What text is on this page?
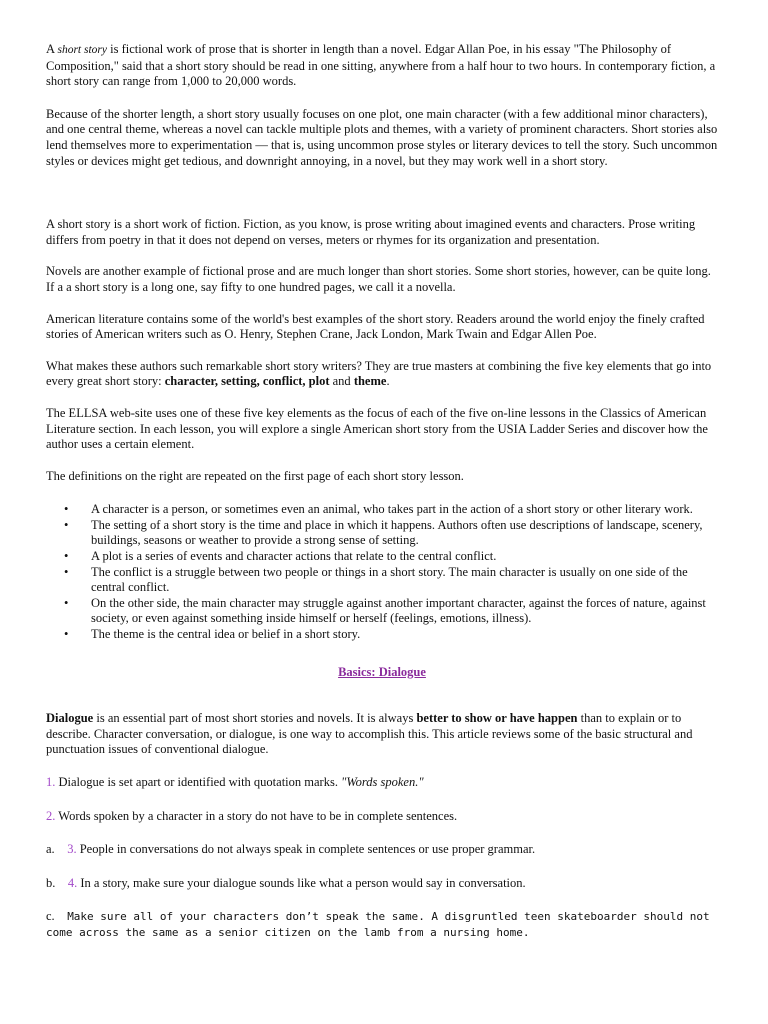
A short story is fictional work of prose that is shorter in length than a novel. Edgar Allan Poe, in his essay "The Philosophy of Composition," said that a short story should be read in one sitting, anywhere from a half hour to two hours. In contemporary fiction, a short story can range from 1,000 to 20,000 words.

Because of the shorter length, a short story usually focuses on one plot, one main character (with a few additional minor characters), and one central theme, whereas a novel can tackle multiple plots and themes, with a variety of prominent characters. Short stories also lend themselves more to experimentation — that is, using uncommon prose styles or literary devices to tell the story. Such uncommon styles or devices might get tedious, and downright annoying, in a novel, but they may work well in a short story.

A short story is a short work of fiction. Fiction, as you know, is prose writing about imagined events and characters. Prose writing differs from poetry in that it does not depend on verses, meters or rhymes for its organization and presentation.

Novels are another example of fictional prose and are much longer than short stories. Some short stories, however, can be quite long. If a a short story is a long one, say fifty to one hundred pages, we call it a novella.

American literature contains some of the world's best examples of the short story. Readers around the world enjoy the finely crafted stories of American writers such as O. Henry, Stephen Crane, Jack London, Mark Twain and Edgar Allen Poe.

What makes these authors such remarkable short story writers? They are true masters at combining the five key elements that go into every great short story: character, setting, conflict, plot and theme.

The ELLSA web-site uses one of these five key elements as the focus of each of the five on-line lessons in the Classics of American Literature section. In each lesson, you will explore a single American short story from the USIA Ladder Series and discover how the author uses a certain element.

The definitions on the right are repeated on the first page of each short story lesson.

• A character is a person, or sometimes even an animal, who takes part in the action of a short story or other literary work.
• The setting of a short story is the time and place in which it happens. Authors often use descriptions of landscape, scenery, buildings, seasons or weather to provide a strong sense of setting.
• A plot is a series of events and character actions that relate to the central conflict.
• The conflict is a struggle between two people or things in a short story. The main character is usually on one side of the central conflict.
• On the other side, the main character may struggle against another important character, against the forces of nature, against society, or even against something inside himself or herself (feelings, emotions, illness).
• The theme is the central idea or belief in a short story.

Basics: Dialogue

Dialogue is an essential part of most short stories and novels. It is always better to show or have happen than to explain or to describe. Character conversation, or dialogue, is one way to accomplish this. This article reviews some of the basic structural and punctuation issues of conventional dialogue.

1. Dialogue is set apart or identified with quotation marks. "Words spoken."

2. Words spoken by a character in a story do not have to be in complete sentences.

a. 3. People in conversations do not always speak in complete sentences or use proper grammar.

b. 4. In a story, make sure your dialogue sounds like what a person would say in conversation.

c. Make sure all of your characters don’t speak the same. A disgruntled teen skateboarder should not come across the same as a senior citizen on the lamb from a nursing home.
